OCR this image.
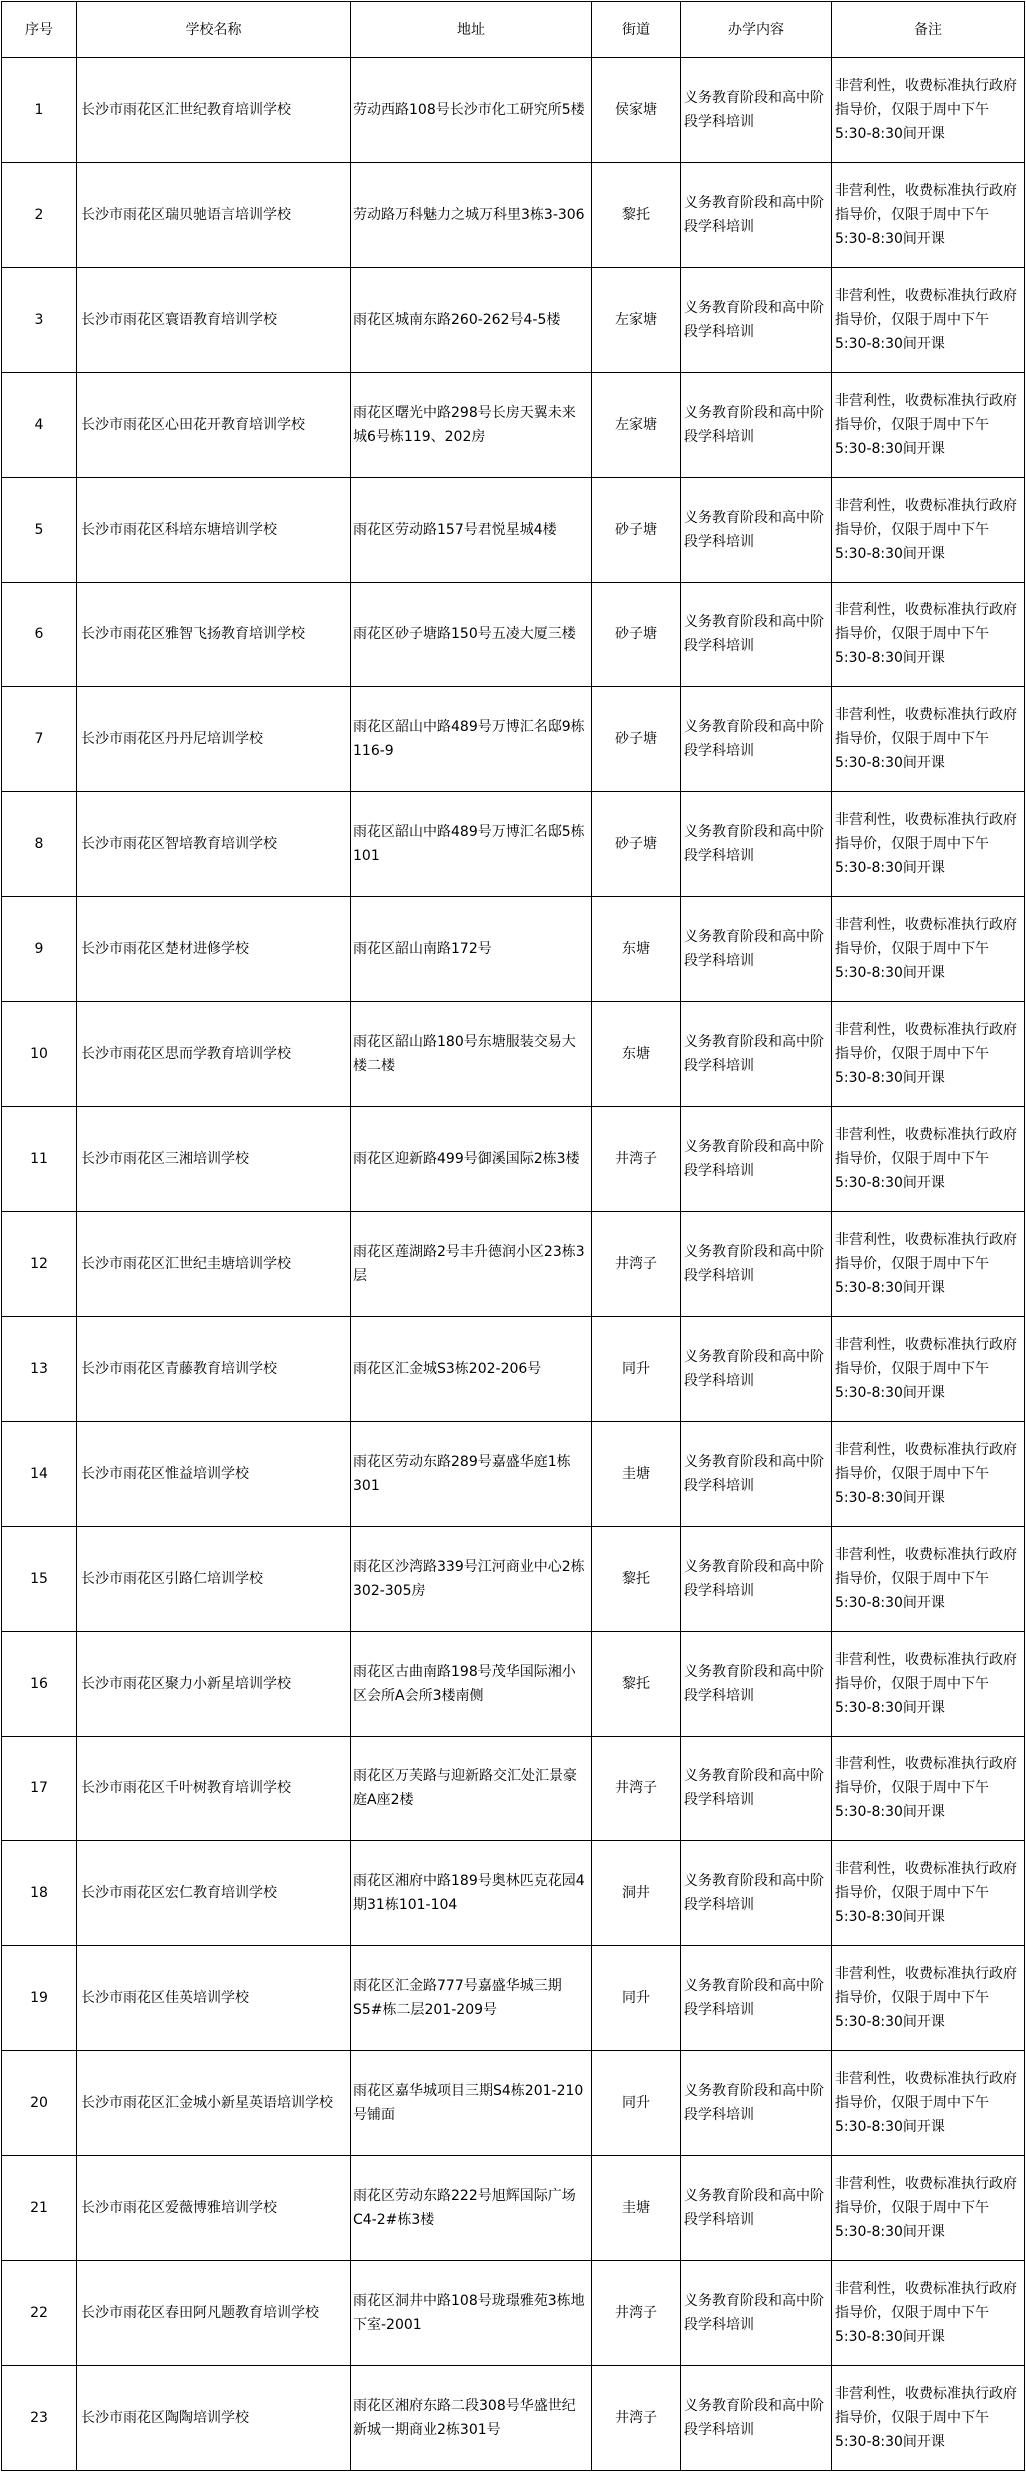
序号	学校名称	地址	街道	办学内容	备注
1	长沙市雨花区汇世纪教育培训学校	劳动西路108号长沙市化工研究所5楼	侯家塘	义务教育阶段和高中阶段学科培训	非营利性，收费标准执行政府指导价，仅限于周中下午5:30-8:30间开课
2	长沙市雨花区瑞贝驰语言培训学校	劳动路万科魅力之城万科里3栋3-306	黎托	义务教育阶段和高中阶段学科培训	非营利性，收费标准执行政府指导价，仅限于周中下午5:30-8:30间开课
3	长沙市雨花区寰语教育培训学校	雨花区城南东路260-262号4-5楼	左家塘	义务教育阶段和高中阶段学科培训	非营利性，收费标准执行政府指导价，仅限于周中下午5:30-8:30间开课
4	长沙市雨花区心田花开教育培训学校	雨花区曙光中路298号长房天翼未来城6号栋119、202房	左家塘	义务教育阶段和高中阶段学科培训	非营利性，收费标准执行政府指导价，仅限于周中下午5:30-8:30间开课
5	长沙市雨花区科培东塘培训学校	雨花区劳动路157号君悦星城4楼	砂子塘	义务教育阶段和高中阶段学科培训	非营利性，收费标准执行政府指导价，仅限于周中下午5:30-8:30间开课
6	长沙市雨花区雅智飞扬教育培训学校	雨花区砂子塘路150号五凌大厦三楼	砂子塘	义务教育阶段和高中阶段学科培训	非营利性，收费标准执行政府指导价，仅限于周中下午5:30-8:30间开课
7	长沙市雨花区丹丹尼培训学校	雨花区韶山中路489号万博汇名邸9栋116-9	砂子塘	义务教育阶段和高中阶段学科培训	非营利性，收费标准执行政府指导价，仅限于周中下午5:30-8:30间开课
8	长沙市雨花区智培教育培训学校	雨花区韶山中路489号万博汇名邸5栋101	砂子塘	义务教育阶段和高中阶段学科培训	非营利性，收费标准执行政府指导价，仅限于周中下午5:30-8:30间开课
9	长沙市雨花区楚材进修学校	雨花区韶山南路172号	东塘	义务教育阶段和高中阶段学科培训	非营利性，收费标准执行政府指导价，仅限于周中下午5:30-8:30间开课
10	长沙市雨花区思而学教育培训学校	雨花区韶山路180号东塘服装交易大楼二楼	东塘	义务教育阶段和高中阶段学科培训	非营利性，收费标准执行政府指导价，仅限于周中下午5:30-8:30间开课
11	长沙市雨花区三湘培训学校	雨花区迎新路499号御溪国际2栋3楼	井湾子	义务教育阶段和高中阶段学科培训	非营利性，收费标准执行政府指导价，仅限于周中下午5:30-8:30间开课
12	长沙市雨花区汇世纪圭塘培训学校	雨花区莲湖路2号丰升德润小区23栋3层	井湾子	义务教育阶段和高中阶段学科培训	非营利性，收费标准执行政府指导价，仅限于周中下午5:30-8:30间开课
13	长沙市雨花区青藤教育培训学校	雨花区汇金城S3栋202-206号	同升	义务教育阶段和高中阶段学科培训	非营利性，收费标准执行政府指导价，仅限于周中下午5:30-8:30间开课
14	长沙市雨花区惟益培训学校	雨花区劳动东路289号嘉盛华庭1栋301	圭塘	义务教育阶段和高中阶段学科培训	非营利性，收费标准执行政府指导价，仅限于周中下午5:30-8:30间开课
15	长沙市雨花区引路仁培训学校	雨花区沙湾路339号江河商业中心2栋302-305房	黎托	义务教育阶段和高中阶段学科培训	非营利性，收费标准执行政府指导价，仅限于周中下午5:30-8:30间开课
16	长沙市雨花区聚力小新星培训学校	雨花区古曲南路198号茂华国际湘小区会所A会所3楼南侧	黎托	义务教育阶段和高中阶段学科培训	非营利性，收费标准执行政府指导价，仅限于周中下午5:30-8:30间开课
17	长沙市雨花区千叶树教育培训学校	雨花区万芙路与迎新路交汇处汇景豪庭A座2楼	井湾子	义务教育阶段和高中阶段学科培训	非营利性，收费标准执行政府指导价，仅限于周中下午5:30-8:30间开课
18	长沙市雨花区宏仁教育培训学校	雨花区湘府中路189号奥林匹克花园4期31栋101-104	洞井	义务教育阶段和高中阶段学科培训	非营利性，收费标准执行政府指导价，仅限于周中下午5:30-8:30间开课
19	长沙市雨花区佳英培训学校	雨花区汇金路777号嘉盛华城三期S5#栋二层201-209号	同升	义务教育阶段和高中阶段学科培训	非营利性，收费标准执行政府指导价，仅限于周中下午5:30-8:30间开课
20	长沙市雨花区汇金城小新星英语培训学校	雨花区嘉华城项目三期S4栋201-210号铺面	同升	义务教育阶段和高中阶段学科培训	非营利性，收费标准执行政府指导价，仅限于周中下午5:30-8:30间开课
21	长沙市雨花区爱薇博雅培训学校	雨花区劳动东路222号旭辉国际广场C4-2#栋3楼	圭塘	义务教育阶段和高中阶段学科培训	非营利性，收费标准执行政府指导价，仅限于周中下午5:30-8:30间开课
22	长沙市雨花区春田阿凡题教育培训学校	雨花区洞井中路108号珑璟雅苑3栋地下室-2001	井湾子	义务教育阶段和高中阶段学科培训	非营利性，收费标准执行政府指导价，仅限于周中下午5:30-8:30间开课
23	长沙市雨花区陶陶培训学校	雨花区湘府东路二段308号华盛世纪新城一期商业2栋301号	井湾子	义务教育阶段和高中阶段学科培训	非营利性，收费标准执行政府指导价，仅限于周中下午5:30-8:30间开课
